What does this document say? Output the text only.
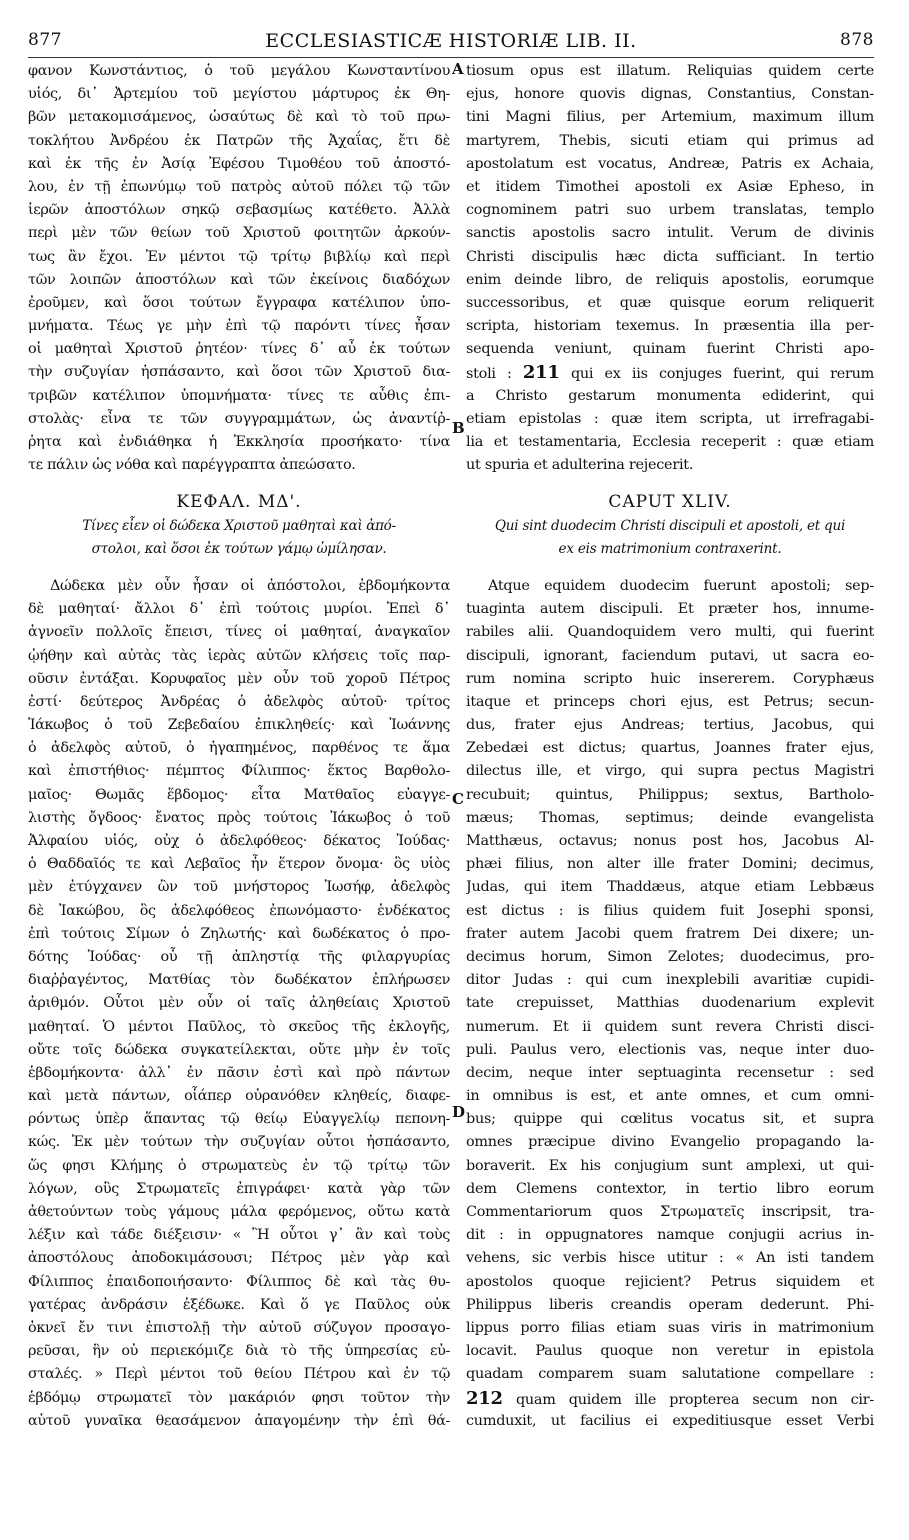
877	ECCLESIASTICÆ HISTORIÆ LIB. II.	878
φανον Κωνστάντιος, ὁ τοῦ μεγάλου Κωνσταντίνου
υἱός, δι᾽ Ἀρτεμίου τοῦ μεγίστου μάρτυρος ἐκ Θη-
βῶν μετακομισάμενος, ὡσαύτως δὲ καὶ τὸ τοῦ πρω-
τοκλήτου Ἀνδρέου ἐκ Πατρῶν τῆς Ἀχαΐας, ἔτι δὲ
καὶ ἐκ τῆς ἐν Ἀσίᾳ Ἐφέσου Τιμοθέου τοῦ ἀποστό-
λου, ἐν τῇ ἐπωνύμῳ τοῦ πατρὸς αὐτοῦ πόλει τῷ τῶν
ἱερῶν ἀποστόλων σηκῷ σεβασμίως κατέθετο. Ἀλλὰ
περὶ μὲν τῶν θείων τοῦ Χριστοῦ φοιτητῶν ἀρκούν-
τως ἂν ἔχοι. Ἐν μέντοι τῷ τρίτῳ βιβλίῳ καὶ περὶ
τῶν λοιπῶν ἀποστόλων καὶ τῶν ἐκείνοις διαδόχων
ἐροῦμεν, καὶ ὅσοι τούτων ἔγγραφα κατέλιπον ὑπο-
μνήματα. Τέως γε μὴν ἐπὶ τῷ παρόντι τίνες ἦσαν
οἱ μαθηταὶ Χριστοῦ ῥητέον· τίνες δ᾽ αὖ ἐκ τούτων
τὴν συζυγίαν ἠσπάσαντο, καὶ ὅσοι τῶν Χριστοῦ δια-
τριβῶν κατέλιπον ὑπομνήματα· τίνες τε αὖθις ἐπι-
στολὰς· εἶνα τε τῶν συγγραμμάτων, ὡς ἀναντίῤ-
ῥητα καὶ ἐνδιάθηκα ἡ Ἐκκλησία προσήκατο· τίνα
τε πάλιν ὡς νόθα καὶ παρέγγραπτα ἀπεώσατο.
ΚΕΦΑΛ. ΜΔ'.
Τίνες εἶεν οἱ δώδεκα Χριστοῦ μαθηταὶ καὶ ἀπό-
στολοι, καὶ ὅσοι ἐκ τούτων γάμῳ ὡμίλησαν.
Δώδεκα μὲν οὖν ἦσαν οἱ ἀπόστολοι, ἑβδομήκοντα
δὲ μαθηταί· ἄλλοι δ᾽ ἐπὶ τούτοις μυρίοι. Ἐπεὶ δ᾽
ἀγνοεῖν πολλοῖς ἔπεισι, τίνες οἱ μαθηταί, ἀναγκαῖον
ᾠήθην καὶ αὐτὰς τὰς ἱερὰς αὐτῶν κλήσεις τοῖς παρ-
οῦσιν ἐντάξαι. Κορυφαῖος μὲν οὖν τοῦ χοροῦ Πέτρος
ἐστί· δεύτερος Ἀνδρέας ὁ ἀδελφὸς αὐτοῦ· τρίτος
Ἰάκωβος ὁ τοῦ Ζεβεδαίου ἐπικληθείς· καὶ Ἰωάννης
ὁ ἀδελφὸς αὐτοῦ, ὁ ἠγαπημένος, παρθένος τε ἅμα
καὶ ἐπιστήθιος· πέμπτος Φίλιππος· ἕκτος Βαρθολο-
μαῖος· Θωμᾶς ἕβδομος· εἶτα Ματθαῖος εὐαγγε-
λιστὴς ὄγδοος· ἔνατος πρὸς τούτοις Ἰάκωβος ὁ τοῦ
Ἀλφαίου υἱός, οὐχ ὁ ἀδελφόθεος· δέκατος Ἰούδας·
ὁ Θαδδαῖός τε καὶ Λεβαῖος ἦν ἕτερον ὄνομα· ὃς υἱὸς
μὲν ἐτύγχανεν ὢν τοῦ μνήστορος Ἰωσήφ, ἀδελφὸς
δὲ Ἰακώβου, ὃς ἀδελφόθεος ἐπωνόμαστο· ἑνδέκατος
ἐπὶ τούτοις Σίμων ὁ Ζηλωτής· καὶ δωδέκατος ὁ προ-
δότης Ἰούδας· οὗ τῇ ἀπληστίᾳ τῆς φιλαργυρίας
διαῤῥαγέντος, Ματθίας τὸν δωδέκατον ἐπλήρωσεν
ἀριθμόν. Οὗτοι μὲν οὖν οἱ ταῖς ἀληθείαις Χριστοῦ
μαθηταί. Ὁ μέντοι Παῦλος, τὸ σκεῦος τῆς ἐκλογῆς,
οὔτε τοῖς δώδεκα συγκατείλεκται, οὔτε μὴν ἐν τοῖς
ἑβδομήκοντα· ἀλλ᾽ ἐν πᾶσιν ἐστὶ καὶ πρὸ πάντων
καὶ μετὰ πάντων, οἷάπερ οὐρανόθεν κληθείς, διαφε-
ρόντως ὑπὲρ ἅπαντας τῷ θείῳ Εὐαγγελίῳ πεπονη-
κώς. Ἐκ μὲν τούτων τὴν συζυγίαν οὗτοι ἠσπάσαντο,
ὥς φησι Κλήμης ὁ στρωματεὺς ἐν τῷ τρίτῳ τῶν
λόγων, οὓς Στρωματεῖς ἐπιγράφει· κατὰ γὰρ τῶν
ἀθετούντων τοὺς γάμους μάλα φερόμενος, οὕτω κατὰ
λέξιν καὶ τάδε διέξεισιν· « Ἢ οὗτοι γ᾽ ἂν καὶ τοὺς
ἀποστόλους ἀποδοκιμάσουσι; Πέτρος μὲν γὰρ καὶ
Φίλιππος ἐπαιδοποιήσαντο· Φίλιππος δὲ καὶ τὰς θυ-
γατέρας ἀνδράσιν ἐξέδωκε. Καὶ ὅ γε Παῦλος οὐκ
ὀκνεῖ ἔν τινι ἐπιστολῇ τὴν αὐτοῦ σύζυγον προσαγο-
ρεῦσαι, ἣν οὐ περιεκόμιζε διὰ τὸ τῆς ὑπηρεσίας εὐ-
σταλές. » Περὶ μέντοι τοῦ θείου Πέτρου καὶ ἐν τῷ
ἑβδόμῳ στρωματεῖ τὸν μακάριόν φησι τοῦτον τὴν
αὑτοῦ γυναῖκα θεασάμενον ἀπαγομένην τὴν ἐπὶ θά-
tiosum opus est illatum. Reliquias quidem certe
ejus, honore quovis dignas, Constantius, Constan-
tini Magni filius, per Artemium, maximum illum
martyrem, Thebis, sicuti etiam qui primus ad
apostolatum est vocatus, Andreæ, Patris ex Achaia,
et itidem Timothei apostoli ex Asiæ Epheso, in
cognominem patri suo urbem translatas, templo
sanctis apostolis sacro intulit. Verum de divinis
Christi discipulis hæc dicta sufficiant. In tertio
enim deinde libro, de reliquis apostolis, eorumque
successoribus, et quæ quisque eorum reliquerit
scripta, historiam texemus. In præsentia illa per-
sequenda veniunt, quinam fuerint Christi apo-
stoli : 211 qui ex iis conjuges fuerint, qui rerum
a Christo gestarum monumenta ediderint, qui
etiam epistolas : quæ item scripta, ut irrefragabi-
lia et testamentaria, Ecclesia receperit : quæ etiam
ut spuria et adulterina rejecerit.
CAPUT XLIV.
Qui sint duodecim Christi discipuli et apostoli, et qui
ex eis matrimonium contraxerint.
Atque equidem duodecim fuerunt apostoli; sep-
tuaginta autem discipuli. Et præter hos, innume-
rabiles alii. Quandoquidem vero multi, qui fuerint
discipuli, ignorant, faciendum putavi, ut sacra eo-
rum nomina scripto huic insererem. Coryphæus
itaque et princeps chori ejus, est Petrus; secun-
dus, frater ejus Andreas; tertius, Jacobus, qui
Zebedæi est dictus; quartus, Joannes frater ejus,
dilectus ille, et virgo, qui supra pectus Magistri
recubuit; quintus, Philippus; sextus, Bartholo-
mæus; Thomas, septimus; deinde evangelista
Matthæus, octavus; nonus post hos, Jacobus Al-
phæi filius, non alter ille frater Domini; decimus,
Judas, qui item Thaddæus, atque etiam Lebbæus
est dictus : is filius quidem fuit Josephi sponsi,
frater autem Jacobi quem fratrem Dei dixere; un-
decimus horum, Simon Zelotes; duodecimus, pro-
ditor Judas : qui cum inexplebili avaritiæ cupidi-
tate crepuisset, Matthias duodenarium explevit
numerum. Et ii quidem sunt revera Christi disci-
puli. Paulus vero, electionis vas, neque inter duo-
decim, neque inter septuaginta recensetur : sed
in omnibus is est, et ante omnes, et cum omni-
bus; quippe qui cœlitus vocatus sit, et supra
omnes præcipue divino Evangelio propagando la-
boraverit. Ex his conjugium sunt amplexi, ut qui-
dem Clemens contextor, in tertio libro eorum
Commentariorum quos Στρωματεῖς inscripsit, tra-
dit : in oppugnatores namque conjugii acrius in-
vehens, sic verbis hisce utitur : « An isti tandem
apostolos quoque rejicient? Petrus siquidem et
Philippus liberis creandis operam dederunt. Phi-
lippus porro filias etiam suas viris in matrimonium
locavit. Paulus quoque non veretur in epistola
quadam comparem suam salutatione compellare :
212 quam quidem ille propterea secum non cir-
cumduxit, ut facilius ei expeditiusque esset Verbi
A
B
C
D
